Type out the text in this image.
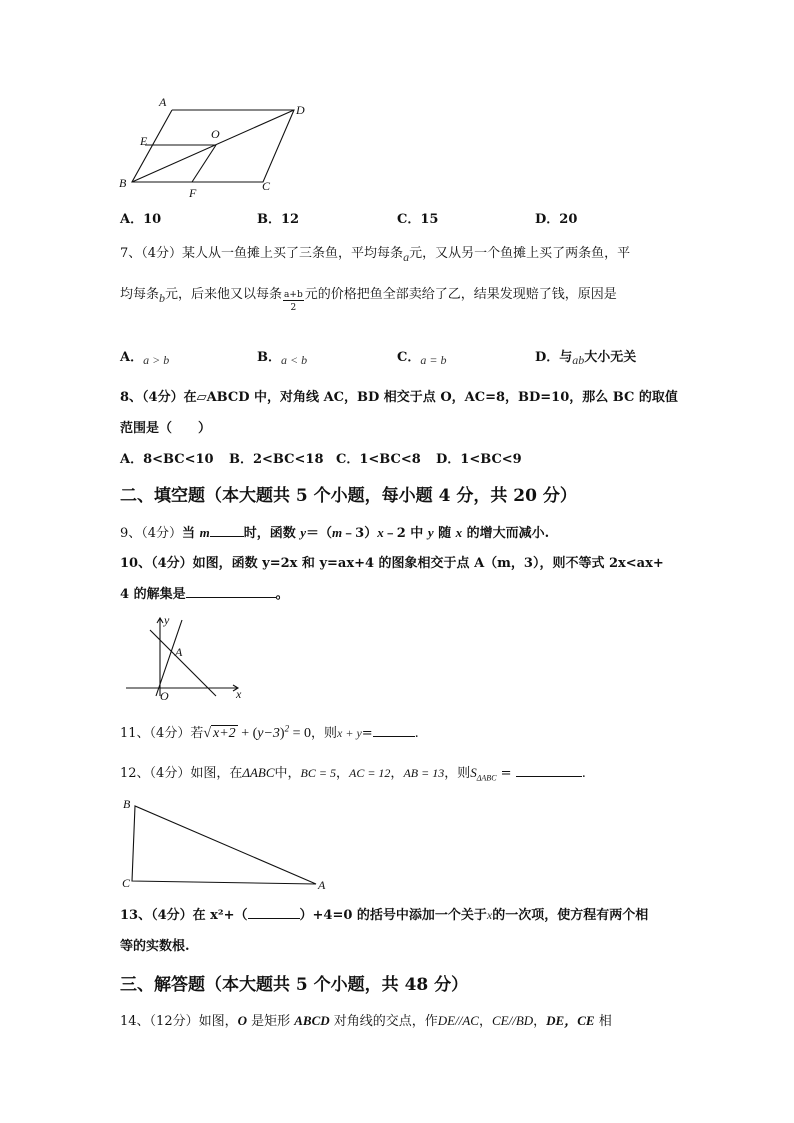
A
D
E	O
B
F	C
A．10	B．12	C．15	D．20
7、（4分）某人从一鱼摊上买了三条鱼，平均每条a元，又从另一个鱼摊上买了两条鱼，平
均每条b元，后来他又以每条 $\frac{a+b}{2}$ 元的价格把鱼全部卖给了乙，结果发现赔了钱，原因是
A．a > b	B．a < b	C．a = b	D．与ab大小无关
8、（4分）在▱ABCD 中，对角线 AC，BD 相交于点 O，AC=8，BD=10，那么 BC 的取值
范围是（　　）
A．8<BC<10 B．2<BC<18 C．1<BC<8 D．1<BC<9
二、填空题（本大题共 5 个小题，每小题 4 分，共 20 分）
9、（4分）当 m	时，函数 y＝（m﹣3）x﹣2 中 y 随 x 的增大而减小.
10、（4分）如图，函数 y=2x 和 y=ax+4 的图象相交于点 A（m，3），则不等式 2x<ax+
4 的解集是	。
y
A
O	x
11、（4分）若√ $x+2 + (y-3)^2 = 0$，则x + y=	.
12、（4分）如图，在ΔABC中，BC = 5，AC = 12，AB = 13，则$S_{\Delta ABC}$ =	.
B
C	A
13、（4分）在 x²+（	）+4=0 的括号中添加一个关于x的一次项，使方程有两个相
等的实数根.
三、解答题（本大题共 5 个小题，共 48 分）
14、（12分）如图，O 是矩形 ABCD 对角线的交点，作DE//AC，CE//BD，DE，CE 相
